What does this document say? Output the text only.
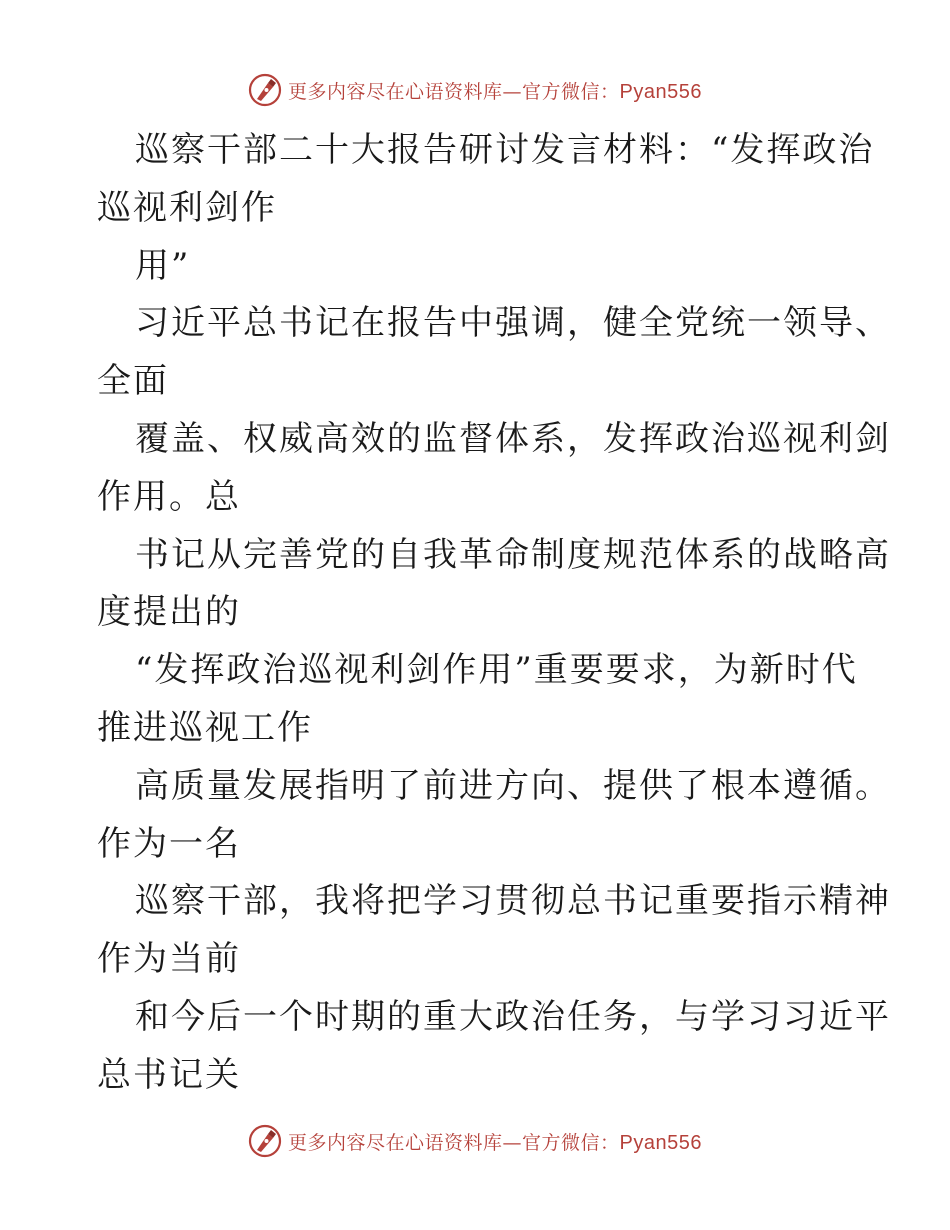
更多内容尽在心语资料库—官方微信：Pyan556
巡察干部二十大报告研讨发言材料：“发挥政治
巡视利剑作
用”
习近平总书记在报告中强调，健全党统一领导、
全面
覆盖、权威高效的监督体系，发挥政治巡视利剑
作用。总
书记从完善党的自我革命制度规范体系的战略高
度提出的
“发挥政治巡视利剑作用”重要要求，为新时代
推进巡视工作
高质量发展指明了前进方向、提供了根本遵循。
作为一名
巡察干部，我将把学习贯彻总书记重要指示精神
作为当前
和今后一个时期的重大政治任务，与学习习近平
总书记关
更多内容尽在心语资料库—官方微信：Pyan556
